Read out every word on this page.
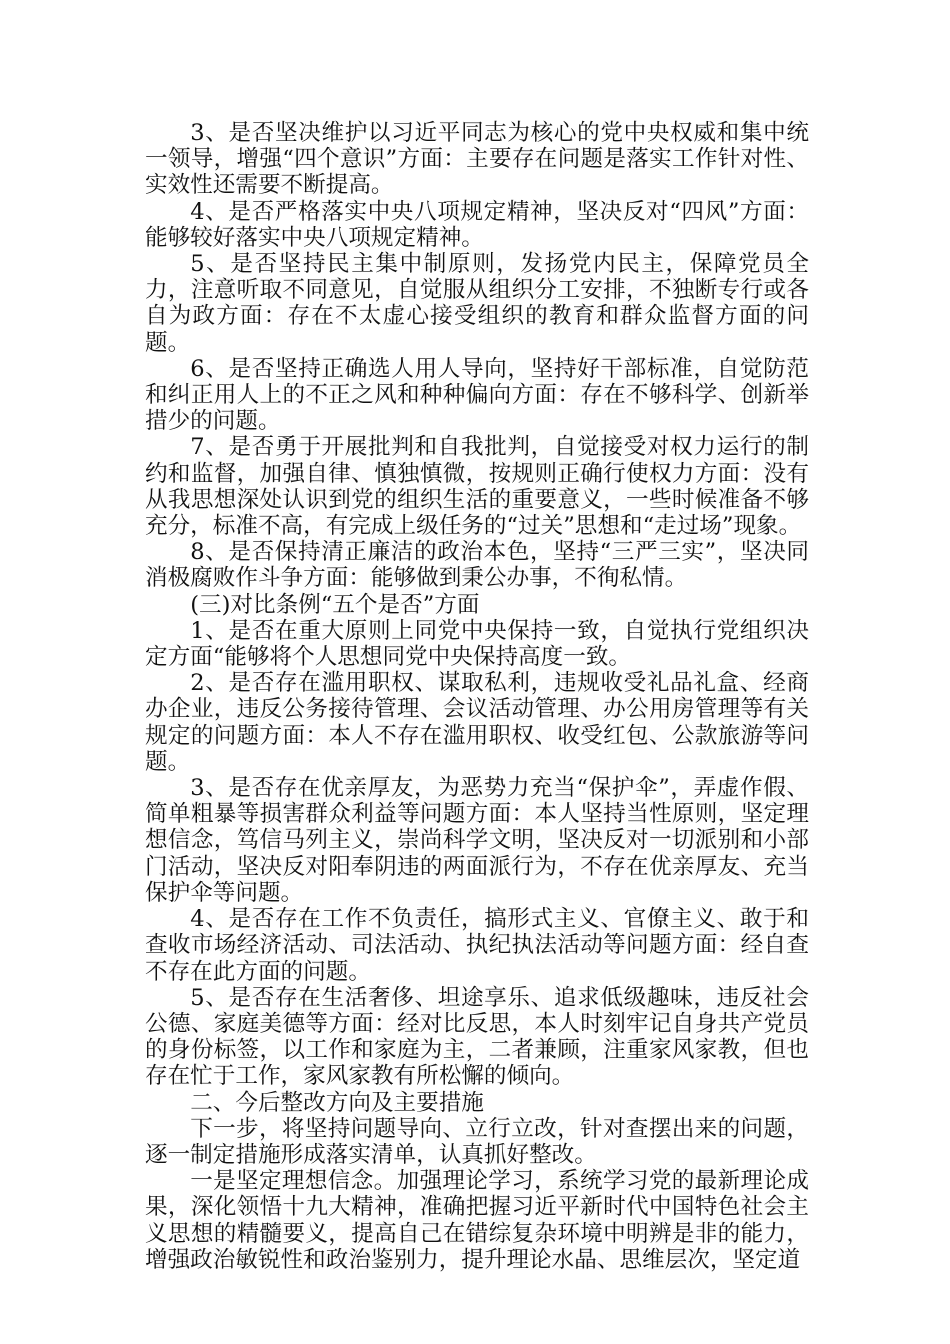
3、是否坚决维护以习近平同志为核心的党中央权威和集中统一领导，增强“四个意识”方面：主要存在问题是落实工作针对性、实效性还需要不断提高。

4、是否严格落实中央八项规定精神，坚决反对“四风”方面：能够较好落实中央八项规定精神。

5、是否坚持民主集中制原则，发扬党内民主，保障党员全力，注意听取不同意见，自觉服从组织分工安排，不独断专行或各自为政方面：存在不太虚心接受组织的教育和群众监督方面的问题。

6、是否坚持正确选人用人导向，坚持好干部标准，自觉防范和纠正用人上的不正之风和种种偏向方面：存在不够科学、创新举措少的问题。

7、是否勇于开展批判和自我批判，自觉接受对权力运行的制约和监督，加强自律、慎独慎微，按规则正确行使权力方面：没有从我思想深处认识到党的组织生活的重要意义，一些时候准备不够充分，标准不高，有完成上级任务的“过关”思想和“走过场”现象。

8、是否保持清正廉洁的政治本色，坚持“三严三实”，坚决同消极腐败作斗争方面：能够做到秉公办事，不徇私情。

(三)对比条例“五个是否”方面

1、是否在重大原则上同党中央保持一致，自觉执行党组织决定方面“能够将个人思想同党中央保持高度一致。

2、是否存在滥用职权、谋取私利，违规收受礼品礼盒、经商办企业，违反公务接待管理、会议活动管理、办公用房管理等有关规定的问题方面：本人不存在滥用职权、收受红包、公款旅游等问题。

3、是否存在优亲厚友，为恶势力充当“保护伞”，弄虚作假、简单粗暴等损害群众利益等问题方面：本人坚持当性原则，坚定理想信念，笃信马列主义，崇尚科学文明，坚决反对一切派别和小部门活动，坚决反对阳奉阴违的两面派行为，不存在优亲厚友、充当保护伞等问题。

4、是否存在工作不负责任，搞形式主义、官僚主义、敢于和查收市场经济活动、司法活动、执纪执法活动等问题方面：经自查不存在此方面的问题。

5、是否存在生活奢侈、坦途享乐、追求低级趣味，违反社会公德、家庭美德等方面：经对比反思，本人时刻牢记自身共产党员的身份标签，以工作和家庭为主，二者兼顾，注重家风家教，但也存在忙于工作，家风家教有所松懈的倾向。

二、今后整改方向及主要措施

下一步，将坚持问题导向、立行立改，针对查摆出来的问题，逐一制定措施形成落实清单，认真抓好整改。

一是坚定理想信念。加强理论学习，系统学习党的最新理论成果，深化领悟十九大精神，准确把握习近平新时代中国特色社会主义思想的精髓要义，提高自己在错综复杂环境中明辨是非的能力，增强政治敏锐性和政治鉴别力，提升理论水晶、思维层次，坚定道
